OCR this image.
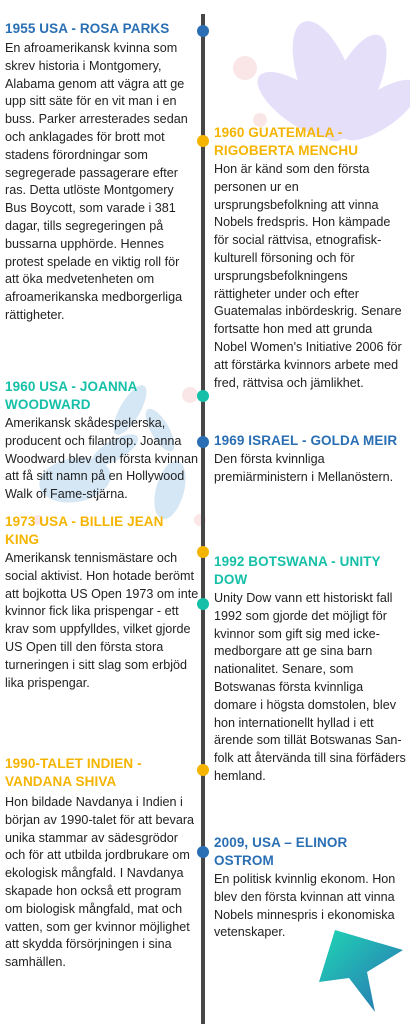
1955 USA - ROSA PARKS

En afroamerikansk kvinna som skrev historia i Montgomery, Alabama genom att vägra att ge upp sitt säte för en vit man i en buss. Parker arresterades sedan och anklagades för brott mot stadens förordningar som segregerade passagerare efter ras. Detta utlöste Montgomery Bus Boycott, som varade i 381 dagar, tills segregeringen på bussarna upphörde. Hennes protest spelade en viktig roll för att öka medvetenheten om afroamerikanska medborgerliga rättigheter.

1960 GUATEMALA - RIGOBERTA MENCHU

Hon är känd som den första personen ur en ursprungsbefolkning att vinna Nobels fredspris. Hon kämpade för social rättvisa, etnografisk-kulturell försoning och för ursprungsbefolkningens rättigheter under och efter Guatemalas inbördeskrig. Senare fortsatte hon med att grunda Nobel Women's Initiative 2006 för att förstärka kvinnors arbete med fred, rättvisa och jämlikhet.

1960 USA - JOANNA WOODWARD

Amerikansk skådespelerska, producent och filantrop. Joanna Woodward blev den första kvinnan att få sitt namn på en Hollywood Walk of Fame-stjärna.

1969 ISRAEL - GOLDA MEIR

Den första kvinnliga premiärministern i Mellanöstern.

1973 USA - BILLIE JEAN KING

Amerikansk tennismästare och social aktivist. Hon hotade berömt att bojkotta US Open 1973 om inte kvinnor fick lika prispengar - ett krav som uppfylldes, vilket gjorde US Open till den första stora turneringen i sitt slag som erbjöd lika prispengar.

1992 BOTSWANA - UNITY DOW

Unity Dow vann ett historiskt fall 1992 som gjorde det möjligt för kvinnor som gift sig med icke-medborgare att ge sina barn nationalitet. Senare, som Botswanas första kvinnliga domare i högsta domstolen, blev hon internationellt hyllad i ett ärende som tillät Botswanas San-folk att återvända till sina förfäders hemland.

1990-TALET INDIEN - VANDANA SHIVA

Hon bildade Navdanya i Indien i början av 1990-talet för att bevara unika stammar av sädesgrödor och för att utbilda jordbrukare om ekologisk mångfald. I Navdanya skapade hon också ett program om biologisk mångfald, mat och vatten, som ger kvinnor möjlighet att skydda försörjningen i sina samhällen.

2009, USA – ELINOR OSTROM

En politisk kvinnlig ekonom. Hon blev den första kvinnan att vinna Nobels minnespris i ekonomiska vetenskaper.
